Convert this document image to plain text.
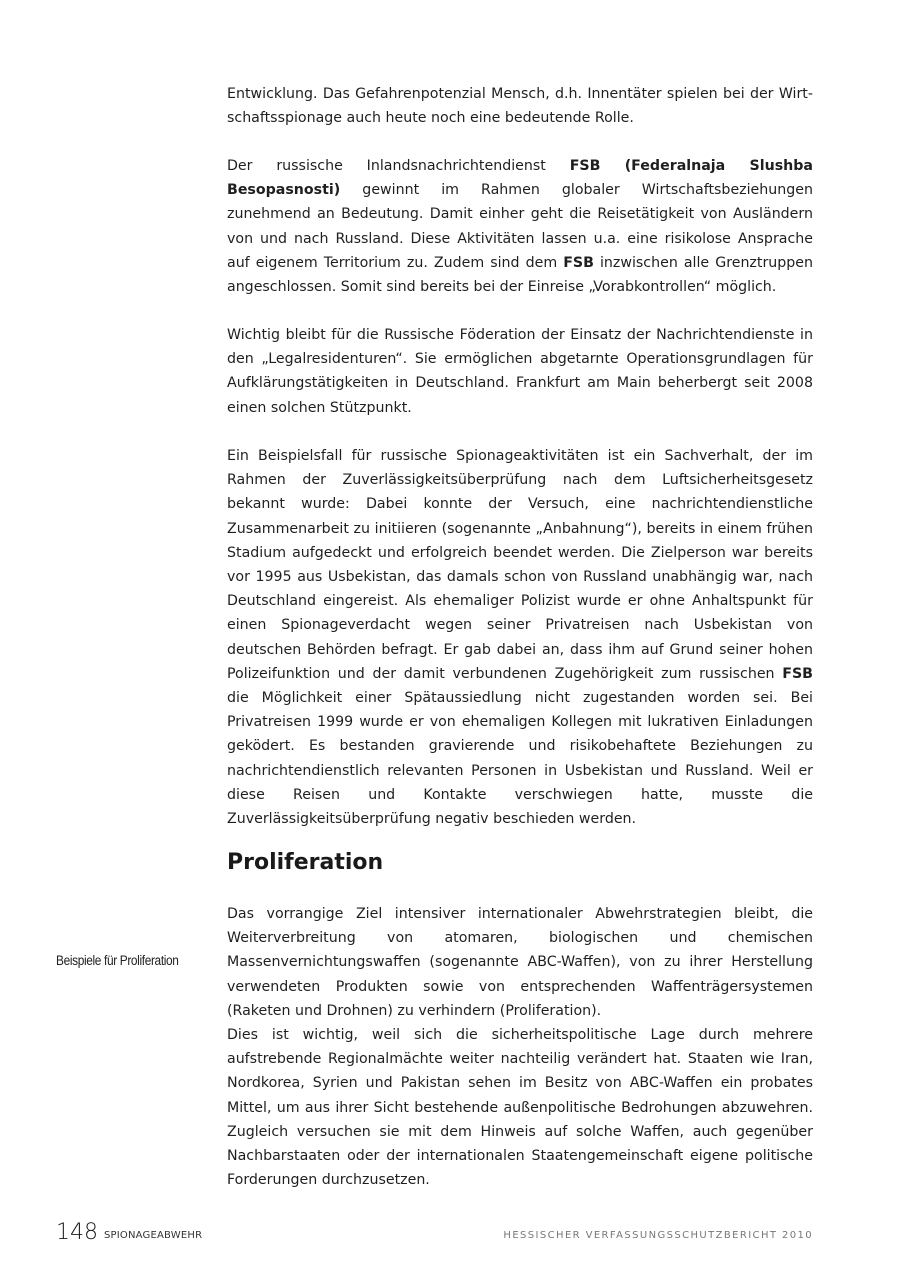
Entwicklung. Das Gefahrenpotenzial Mensch, d.h. Innentäter spielen bei der Wirtschaftsspionage auch heute noch eine bedeutende Rolle.

Der russische Inlandsnachrichtendienst FSB (Federalnaja Slushba Besopasnosti) gewinnt im Rahmen globaler Wirtschaftsbeziehungen zunehmend an Bedeutung. Damit einher geht die Reisetätigkeit von Ausländern von und nach Russland. Diese Aktivitäten lassen u.a. eine risikolose Ansprache auf eigenem Territorium zu. Zudem sind dem FSB inzwischen alle Grenztruppen angeschlossen. Somit sind bereits bei der Einreise „Vorabkontrollen“ möglich.

Wichtig bleibt für die Russische Föderation der Einsatz der Nachrichtendienste in den „Legalresidenturen“. Sie ermöglichen abgetarnte Operationsgrundlagen für Aufklärungstätigkeiten in Deutschland. Frankfurt am Main beherbergt seit 2008 einen solchen Stützpunkt.

Ein Beispielsfall für russische Spionageaktivitäten ist ein Sachverhalt, der im Rahmen der Zuverlässigkeitsüberprüfung nach dem Luftsicherheitsgesetz bekannt wurde: Dabei konnte der Versuch, eine nachrichtendienstliche Zusammenarbeit zu initiieren (sogenannte „Anbahnung“), bereits in einem frühen Stadium aufgedeckt und erfolgreich beendet werden. Die Zielperson war bereits vor 1995 aus Usbekistan, das damals schon von Russland unabhängig war, nach Deutschland eingereist. Als ehemaliger Polizist wurde er ohne Anhaltspunkt für einen Spionageverdacht wegen seiner Privatreisen nach Usbekistan von deutschen Behörden befragt. Er gab dabei an, dass ihm auf Grund seiner hohen Polizeifunktion und der damit verbundenen Zugehörigkeit zum russischen FSB die Möglichkeit einer Spätaussiedlung nicht zugestanden worden sei. Bei Privatreisen 1999 wurde er von ehemaligen Kollegen mit lukrativen Einladungen geködert. Es bestanden gravierende und risikobehaftete Beziehungen zu nachrichtendienstlich relevanten Personen in Usbekistan und Russland. Weil er diese Reisen und Kontakte verschwiegen hatte, musste die Zuverlässigkeitsüberprüfung negativ beschieden werden.

Proliferation
Beispiele für Proliferation

Das vorrangige Ziel intensiver internationaler Abwehrstrategien bleibt, die Weiterverbreitung von atomaren, biologischen und chemischen Massenvernichtungswaffen (sogenannte ABC-Waffen), von zu ihrer Herstellung verwendeten Produkten sowie von entsprechenden Waffenträgersystemen (Raketen und Drohnen) zu verhindern (Proliferation).

Dies ist wichtig, weil sich die sicherheitspolitische Lage durch mehrere aufstrebende Regionalmächte weiter nachteilig verändert hat. Staaten wie Iran, Nordkorea, Syrien und Pakistan sehen im Besitz von ABC-Waffen ein probates Mittel, um aus ihrer Sicht bestehende außenpolitische Bedrohungen abzuwehren. Zugleich versuchen sie mit dem Hinweis auf solche Waffen, auch gegenüber Nachbarstaaten oder der internationalen Staatengemeinschaft eigene politische Forderungen durchzusetzen.

148 SPIONAGEABWEHR	HESSISCHER VERFASSUNGSSCHUTZBERICHT 2010
